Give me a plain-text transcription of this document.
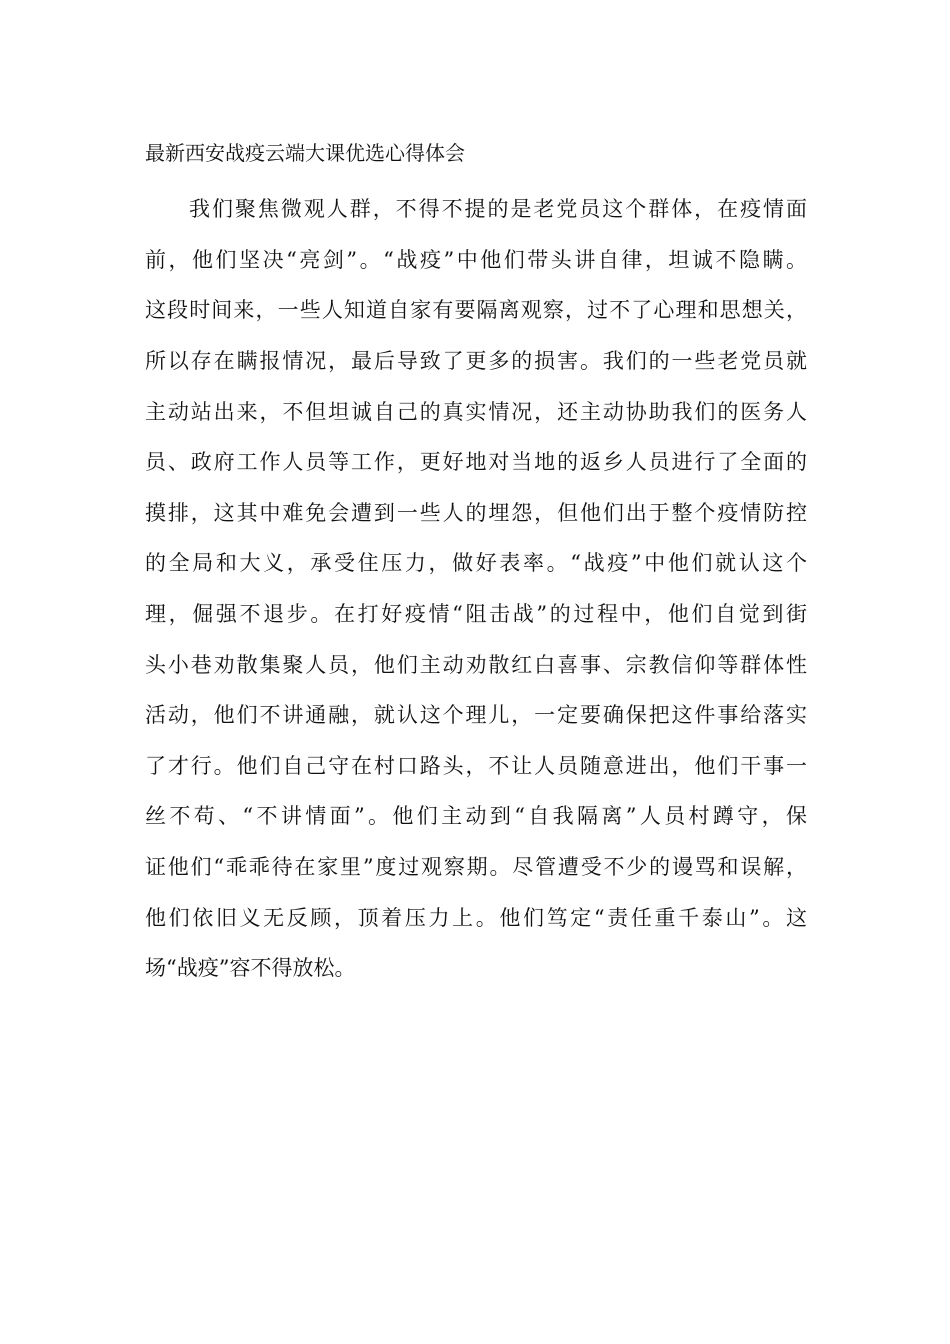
最新西安战疫云端大课优选心得体会
我们聚焦微观人群，不得不提的是老党员这个群体，在疫情面
前，他们坚决“亮剑”。“战疫”中他们带头讲自律，坦诚不隐瞒。
这段时间来，一些人知道自家有要隔离观察，过不了心理和思想关，
所以存在瞒报情况，最后导致了更多的损害。我们的一些老党员就
主动站出来，不但坦诚自己的真实情况，还主动协助我们的医务人
员、政府工作人员等工作，更好地对当地的返乡人员进行了全面的
摸排，这其中难免会遭到一些人的埋怨，但他们出于整个疫情防控
的全局和大义，承受住压力，做好表率。“战疫”中他们就认这个
理，倔强不退步。在打好疫情“阻击战”的过程中，他们自觉到街
头小巷劝散集聚人员，他们主动劝散红白喜事、宗教信仰等群体性
活动，他们不讲通融，就认这个理儿，一定要确保把这件事给落实
了才行。他们自己守在村口路头，不让人员随意进出，他们干事一
丝不苟、“不讲情面”。他们主动到“自我隔离”人员村蹲守，保
证他们“乖乖待在家里”度过观察期。尽管遭受不少的谩骂和误解，
他们依旧义无反顾，顶着压力上。他们笃定“责任重千泰山”。这
场“战疫”容不得放松。
